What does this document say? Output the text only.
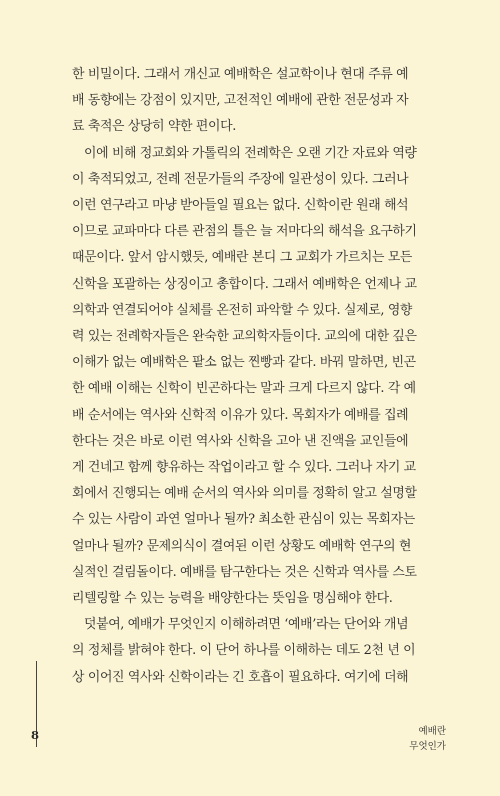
한 비밀이다. 그래서 개신교 예배학은 설교학이나 현대 주류 예
배 동향에는 강점이 있지만, 고전적인 예배에 관한 전문성과 자
료 축적은 상당히 약한 편이다.

이에 비해 정교회와 가톨릭의 전례학은 오랜 기간 자료와 역량
이 축적되었고, 전례 전문가들의 주장에 일관성이 있다. 그러나
이런 연구라고 마냥 받아들일 필요는 없다. 신학이란 원래 해석
이므로 교파마다 다른 관점의 틀은 늘 저마다의 해석을 요구하기
때문이다. 앞서 암시했듯, 예배란 본디 그 교회가 가르치는 모든
신학을 포괄하는 상징이고 총합이다. 그래서 예배학은 언제나 교
의학과 연결되어야 실체를 온전히 파악할 수 있다. 실제로, 영향
력 있는 전례학자들은 완숙한 교의학자들이다. 교의에 대한 깊은
이해가 없는 예배학은 팥소 없는 찐빵과 같다. 바꿔 말하면, 빈곤
한 예배 이해는 신학이 빈곤하다는 말과 크게 다르지 않다. 각 예
배 순서에는 역사와 신학적 이유가 있다. 목회자가 예배를 집례
한다는 것은 바로 이런 역사와 신학을 고아 낸 진액을 교인들에
게 건네고 함께 향유하는 작업이라고 할 수 있다. 그러나 자기 교
회에서 진행되는 예배 순서의 역사와 의미를 정확히 알고 설명할
수 있는 사람이 과연 얼마나 될까? 최소한 관심이 있는 목회자는
얼마나 될까? 문제의식이 결여된 이런 상황도 예배학 연구의 현
실적인 걸림돌이다. 예배를 탐구한다는 것은 신학과 역사를 스토
리텔링할 수 있는 능력을 배양한다는 뜻임을 명심해야 한다.

덧붙여, 예배가 무엇인지 이해하려면 ‘예배’라는 단어와 개념
의 정체를 밝혀야 한다. 이 단어 하나를 이해하는 데도 2천 년 이
상 이어진 역사와 신학이라는 긴 호흡이 필요하다. 여기에 더해

8	예배란
무엇인가
